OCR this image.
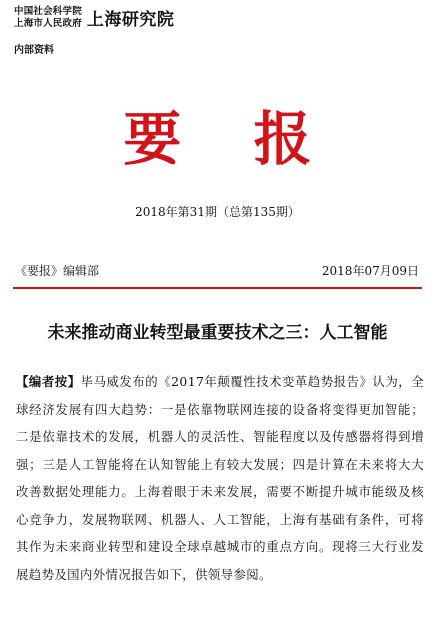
中国社会科学院
上海市人民政府 上海研究院
内部资料
要 报
2018年第31期（总第135期）
《要报》编辑部	2018年07月09日
未来推动商业转型最重要技术之三：人工智能

【编者按】毕马威发布的《2017年颠覆性技术变革趋势报告》认为，全球经济发展有四大趋势：一是依靠物联网连接的设备将变得更加智能；二是依靠技术的发展，机器人的灵活性、智能程度以及传感器将得到增强；三是人工智能将在认知智能上有较大发展；四是计算在未来将大大改善数据处理能力。上海着眼于未来发展，需要不断提升城市能级及核心竞争力，发展物联网、机器人、人工智能，上海有基础有条件，可将其作为未来商业转型和建设全球卓越城市的重点方向。现将三大行业发展趋势及国内外情况报告如下，供领导参阅。
